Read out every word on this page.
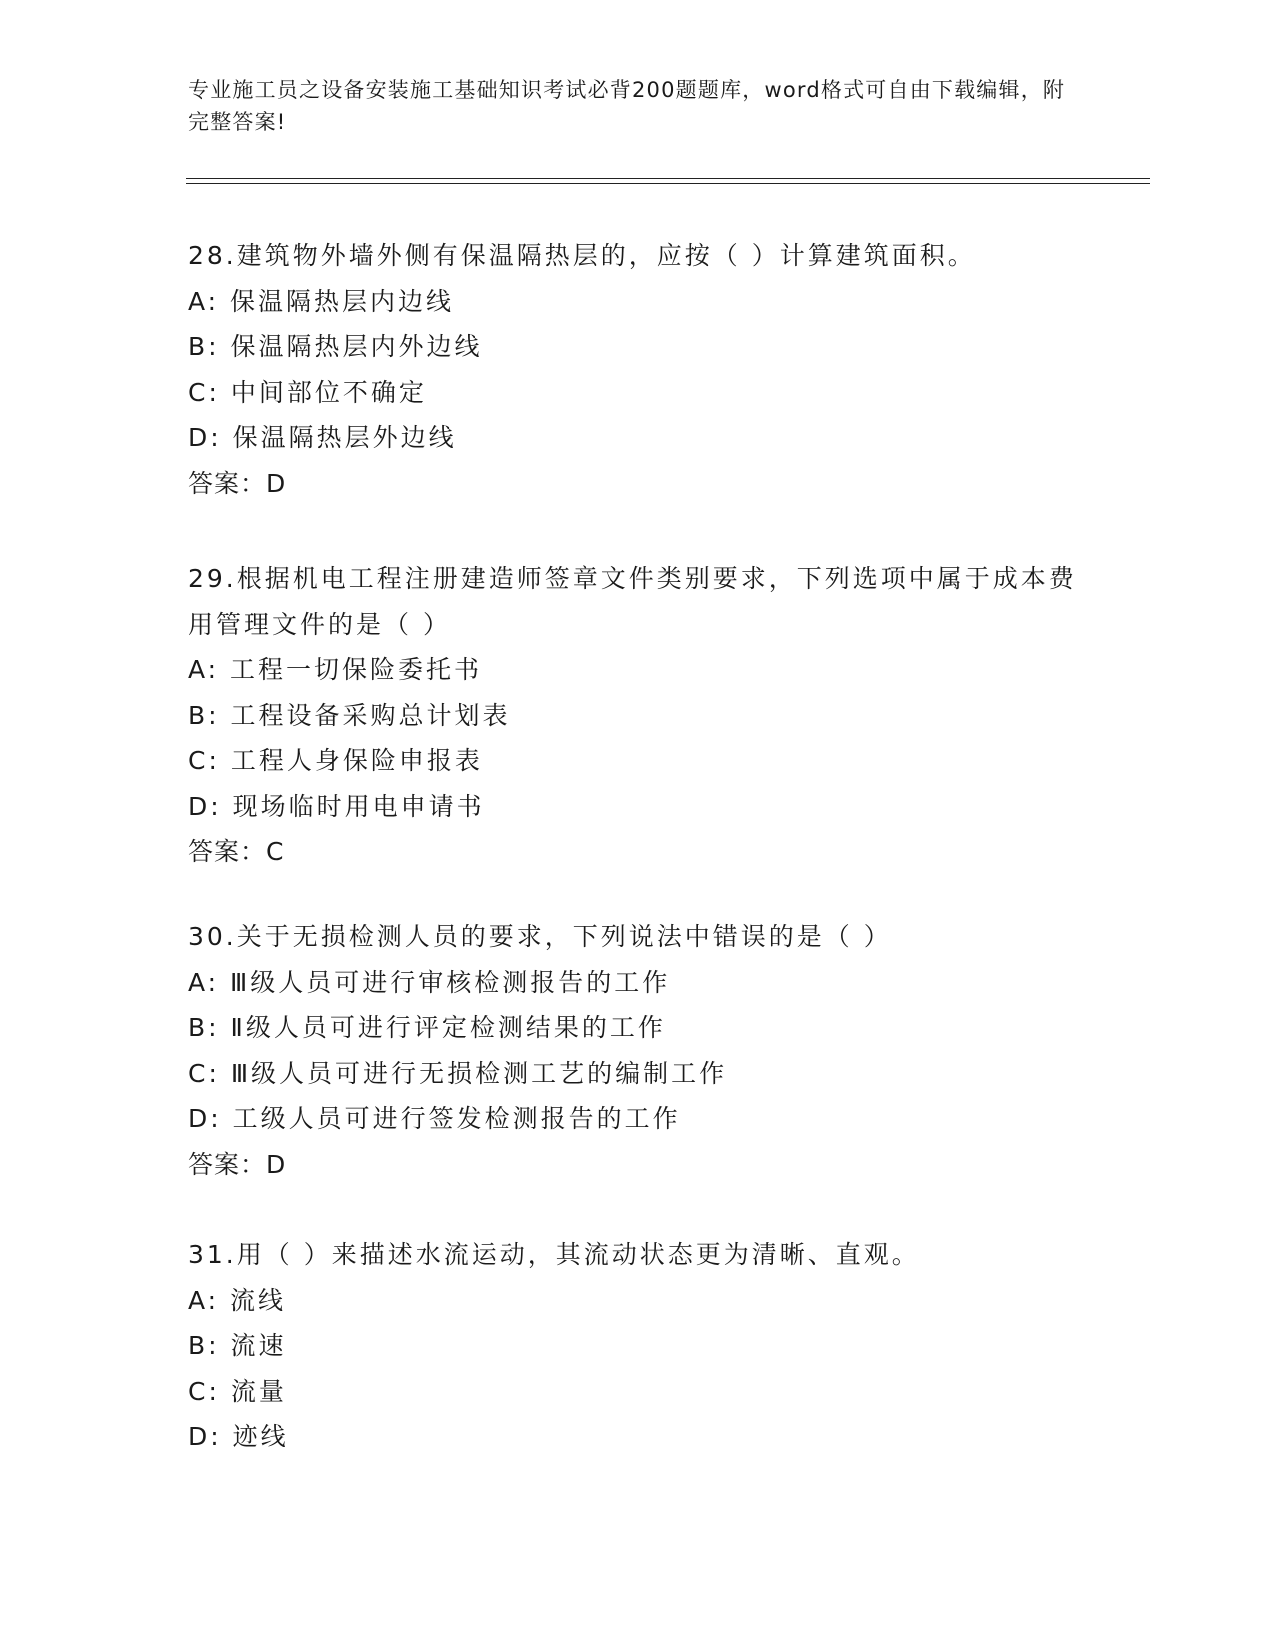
专业施工员之设备安装施工基础知识考试必背200题题库，word格式可自由下载编辑，附完整答案!
28.建筑物外墙外侧有保温隔热层的，应按（ ）计算建筑面积。
A: 保温隔热层内边线
B: 保温隔热层内外边线
C: 中间部位不确定
D: 保温隔热层外边线
答案：D
29.根据机电工程注册建造师签章文件类别要求，下列选项中属于成本费用管理文件的是（ ）
A: 工程一切保险委托书
B: 工程设备采购总计划表
C: 工程人身保险申报表
D: 现场临时用电申请书
答案：C
30.关于无损检测人员的要求，下列说法中错误的是（ ）
A: Ⅲ级人员可进行审核检测报告的工作
B: Ⅱ级人员可进行评定检测结果的工作
C: Ⅲ级人员可进行无损检测工艺的编制工作
D: 工级人员可进行签发检测报告的工作
答案：D
31.用（ ）来描述水流运动，其流动状态更为清晰、直观。
A: 流线
B: 流速
C: 流量
D: 迹线
